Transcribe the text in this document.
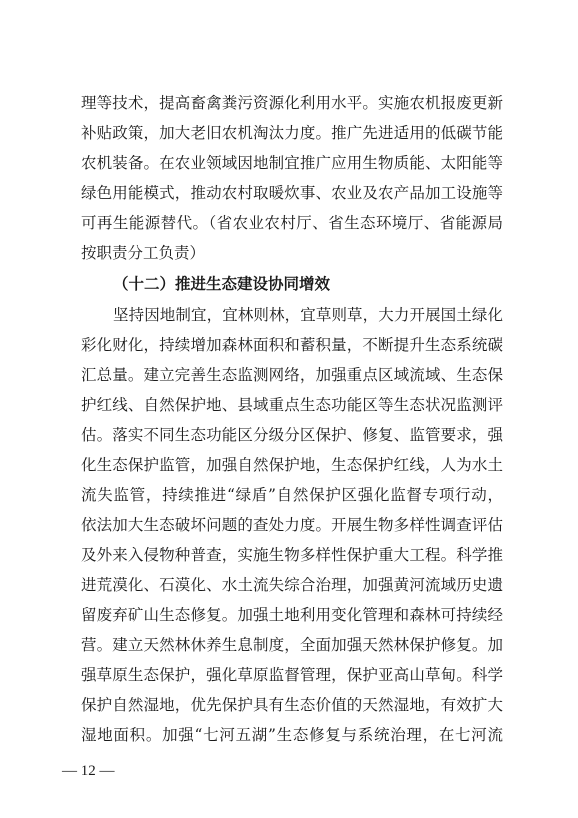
理等技术，提高畜禽粪污资源化利用水平。实施农机报废更新
补贴政策，加大老旧农机淘汰力度。推广先进适用的低碳节能
农机装备。在农业领域因地制宜推广应用生物质能、太阳能等
绿色用能模式，推动农村取暖炊事、农业及农产品加工设施等
可再生能源替代。（省农业农村厅、省生态环境厅、省能源局
按职责分工负责）
（十二）推进生态建设协同增效
坚持因地制宜，宜林则林，宜草则草，大力开展国土绿化
彩化财化，持续增加森林面积和蓄积量，不断提升生态系统碳
汇总量。建立完善生态监测网络，加强重点区域流域、生态保
护红线、自然保护地、县域重点生态功能区等生态状况监测评
估。落实不同生态功能区分级分区保护、修复、监管要求，强
化生态保护监管，加强自然保护地，生态保护红线，人为水土
流失监管，持续推进“绿盾”自然保护区强化监督专项行动，
依法加大生态破坏问题的查处力度。开展生物多样性调查评估
及外来入侵物种普查，实施生物多样性保护重大工程。科学推
进荒漠化、石漠化、水土流失综合治理，加强黄河流域历史遗
留废弃矿山生态修复。加强土地利用变化管理和森林可持续经
营。建立天然林休养生息制度，全面加强天然林保护修复。加
强草原生态保护，强化草原监督管理，保护亚高山草甸。科学
保护自然湿地，优先保护具有生态价值的天然湿地，有效扩大
湿地面积。加强“七河五湖”生态修复与系统治理，在七河流
— 12 —
